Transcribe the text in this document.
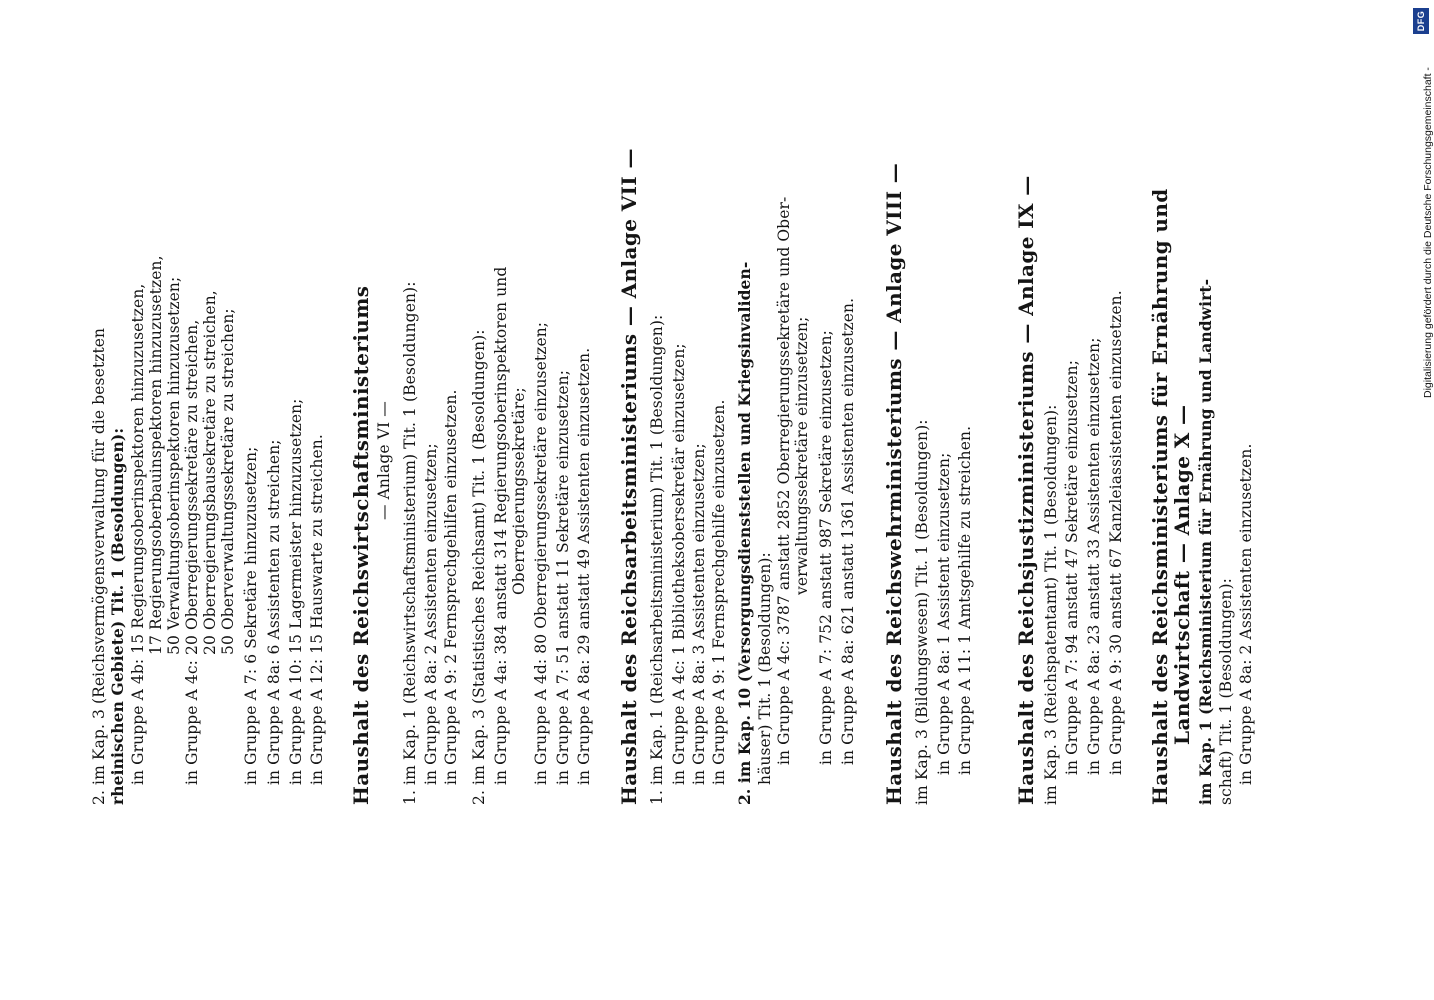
2. im Kap. 3 (Reichsvermögensverwaltung für die besetzten rheinischen Gebiete) Tit. 1 (Besoldungen): in Gruppe A 4b: 15 Regierungsoberinspektoren hinzuzusetzen, 17 Regierungsoberbauinspektoren hinzuzusetzen, 50 Verwaltungsoberinspektoren hinzuzusetzen; in Gruppe A 4c: 20 Oberregierungssekretäre zu streichen, 20 Oberregierungsbausekretäre zu streichen, 50 Oberverwaltungssekretäre zu streichen; in Gruppe A 7: 6 Sekretäre hinzuzusetzen; in Gruppe A 8a: 6 Assistenten zu streichen; in Gruppe A 10: 15 Lagermeister hinzuzusetzen; in Gruppe A 12: 15 Hauswarte zu streichen. Haushalt des Reichswirtschaftsministeriums — Anlage VI — 1. im Kap. 1 (Reichswirtschaftsministerium) Tit. 1 (Besoldungen): in Gruppe A 8a: 2 Assistenten einzusetzen; in Gruppe A 9: 2 Fernsprechgehilfen einzusetzen. 2. im Kap. 3 (Statistisches Reichsamt) Tit. 1 (Besoldungen): in Gruppe A 4a: 384 anstatt 314 Regierungsoberinspektoren und Oberregierungssekretäre; in Gruppe A 4d: 80 Oberregierungssekretäre einzusetzen; in Gruppe A 7: 51 anstatt 11 Sekretäre einzusetzen; in Gruppe A 8a: 29 anstatt 49 Assistenten einzusetzen. Haushalt des Reichsarbeitsministeriums — Anlage VII — 1. im Kap. 1 (Reichsarbeitsministerium) Tit. 1 (Besoldungen): in Gruppe A 4c: 1 Bibliotheksobersekretär einzusetzen; in Gruppe A 8a: 3 Assistenten einzusetzen; in Gruppe A 9: 1 Fernsprechgehilfe einzusetzen. 2. im Kap. 10 (Versorgungsdienststellen und Kriegsinvaliden- häuser) Tit. 1 (Besoldungen): in Gruppe A 4c: 3787 anstatt 2852 Oberregierungssekretäre und Ober- verwaltungssekretäre einzusetzen; in Gruppe A 7: 752 anstatt 987 Sekretäre einzusetzen; in Gruppe A 8a: 621 anstatt 1361 Assistenten einzusetzen. Haushalt des Reichswehrministeriums — Anlage VIII — im Kap. 3 (Bildungswesen) Tit. 1 (Besoldungen): in Gruppe A 8a: 1 Assistent einzusetzen; in Gruppe A 11: 1 Amtsgehilfe zu streichen. Haushalt des Reichsjustizministeriums — Anlage IX — im Kap. 3 (Reichspatentamt) Tit. 1 (Besoldungen): in Gruppe A 7: 94 anstatt 47 Sekretäre einzusetzen; in Gruppe A 8a: 23 anstatt 33 Assistenten einzusetzen; in Gruppe A 9: 30 anstatt 67 Kanzleiassistenten einzusetzen. Haushalt des Reichsministeriums für Ernährung und
Landwirtschaft — Anlage X — im Kap. 1 (Reichsministerium für Ernährung und Landwirt- schaft) Tit. 1 (Besoldungen): in Gruppe A 8a: 2 Assistenten einzusetzen.
DFG
Digitalisierung gefördert durch die Deutsche Forschungsgemeinschaft -
